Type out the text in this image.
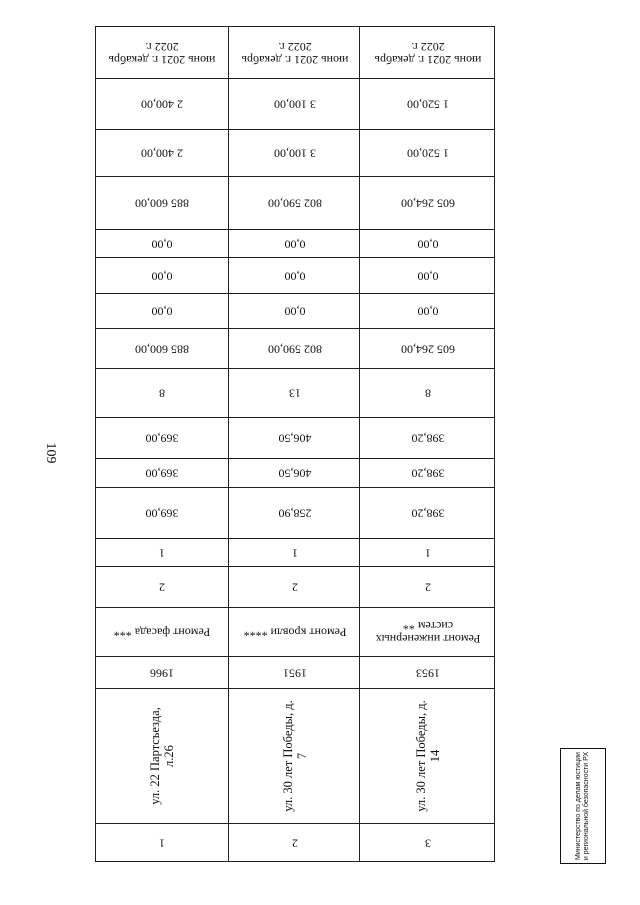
109
июнь 2021 г. декабрь 2022 г.
2 400,00
2 400,00
885 600,00
0,00
0,00
0,00
885 600,00
8
369,00
369,00
369,00
1
2
Ремонт фасада ***
1966
ул. 22 Партсъезда, л.26
1
июнь 2021 г. декабрь 2022 г.
3 100,00
3 100,00
802 590,00
0,00
0,00
0,00
802 590,00
13
406,50
406,50
258,90
1
2
Ремонт кровли ****
1951
ул. 30 лет Победы, д. 7
2
июнь 2021 г. декабрь 2022 г.
1 520,00
1 520,00
605 264,00
0,00
0,00
0,00
605 264,00
8
398,20
398,20
398,20
1
2
Ремонт инженерных систем **
1953
ул. 30 лет Победы, д. 14
3	Министерство по делам юстиции и региональной безопасности РХ
